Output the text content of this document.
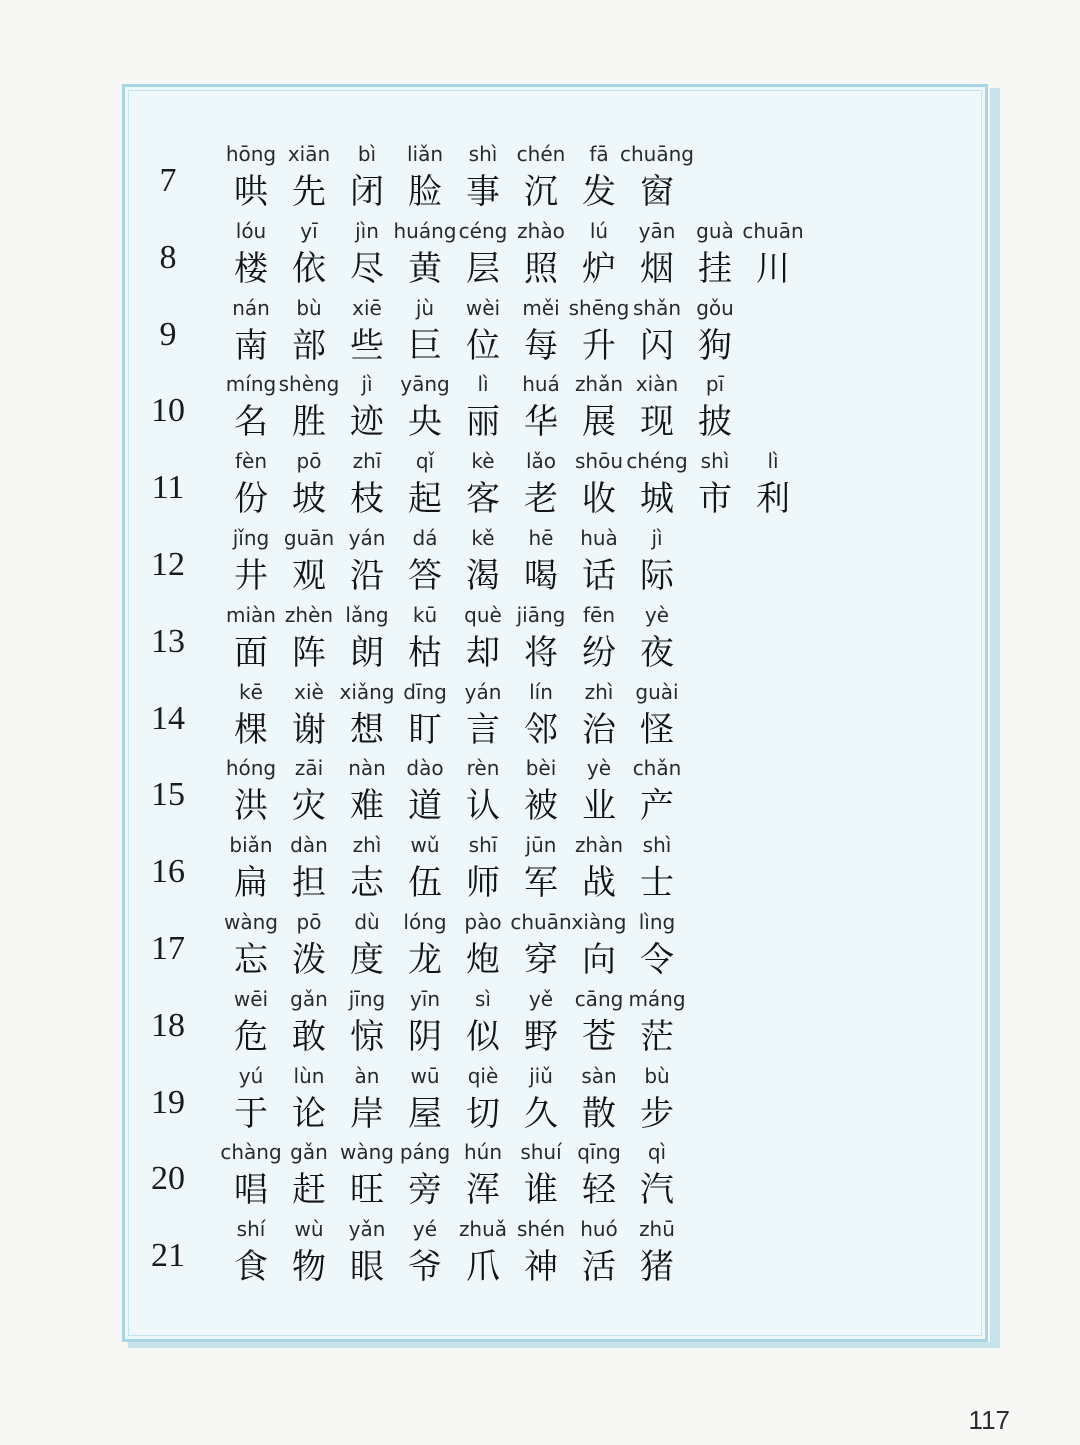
7
hōng
哄
xiān
先
bì
闭
liǎn
脸
shì
事
chén
沉
fā
发
chuāng
窗
8
lóu
楼
yī
依
jìn
尽
huáng
黄
céng
层
zhào
照
lú
炉
yān
烟
guà
挂
chuān
川
9
nán
南
bù
部
xiē
些
jù
巨
wèi
位
měi
每
shēng
升
shǎn
闪
gǒu
狗
10
míng
名
shèng
胜
jì
迹
yāng
央
lì
丽
huá
华
zhǎn
展
xiàn
现
pī
披
11
fèn
份
pō
坡
zhī
枝
qǐ
起
kè
客
lǎo
老
shōu
收
chéng
城
shì
市
lì
利
12
jǐng
井
guān
观
yán
沿
dá
答
kě
渴
hē
喝
huà
话
jì
际
13
miàn
面
zhèn
阵
lǎng
朗
kū
枯
què
却
jiāng
将
fēn
纷
yè
夜
14
kē
棵
xiè
谢
xiǎng
想
dīng
盯
yán
言
lín
邻
zhì
治
guài
怪
15
hóng
洪
zāi
灾
nàn
难
dào
道
rèn
认
bèi
被
yè
业
chǎn
产
16
biǎn
扁
dàn
担
zhì
志
wǔ
伍
shī
师
jūn
军
zhàn
战
shì
士
17
wàng
忘
pō
泼
dù
度
lóng
龙
pào
炮
chuān
穿
xiàng
向
lìng
令
18
wēi
危
gǎn
敢
jīng
惊
yīn
阴
sì
似
yě
野
cāng
苍
máng
茫
19
yú
于
lùn
论
àn
岸
wū
屋
qiè
切
jiǔ
久
sàn
散
bù
步
20
chàng
唱
gǎn
赶
wàng
旺
páng
旁
hún
浑
shuí
谁
qīng
轻
qì
汽
21
shí
食
wù
物
yǎn
眼
yé
爷
zhuǎ
爪
shén
神
huó
活
zhū
猪
117
